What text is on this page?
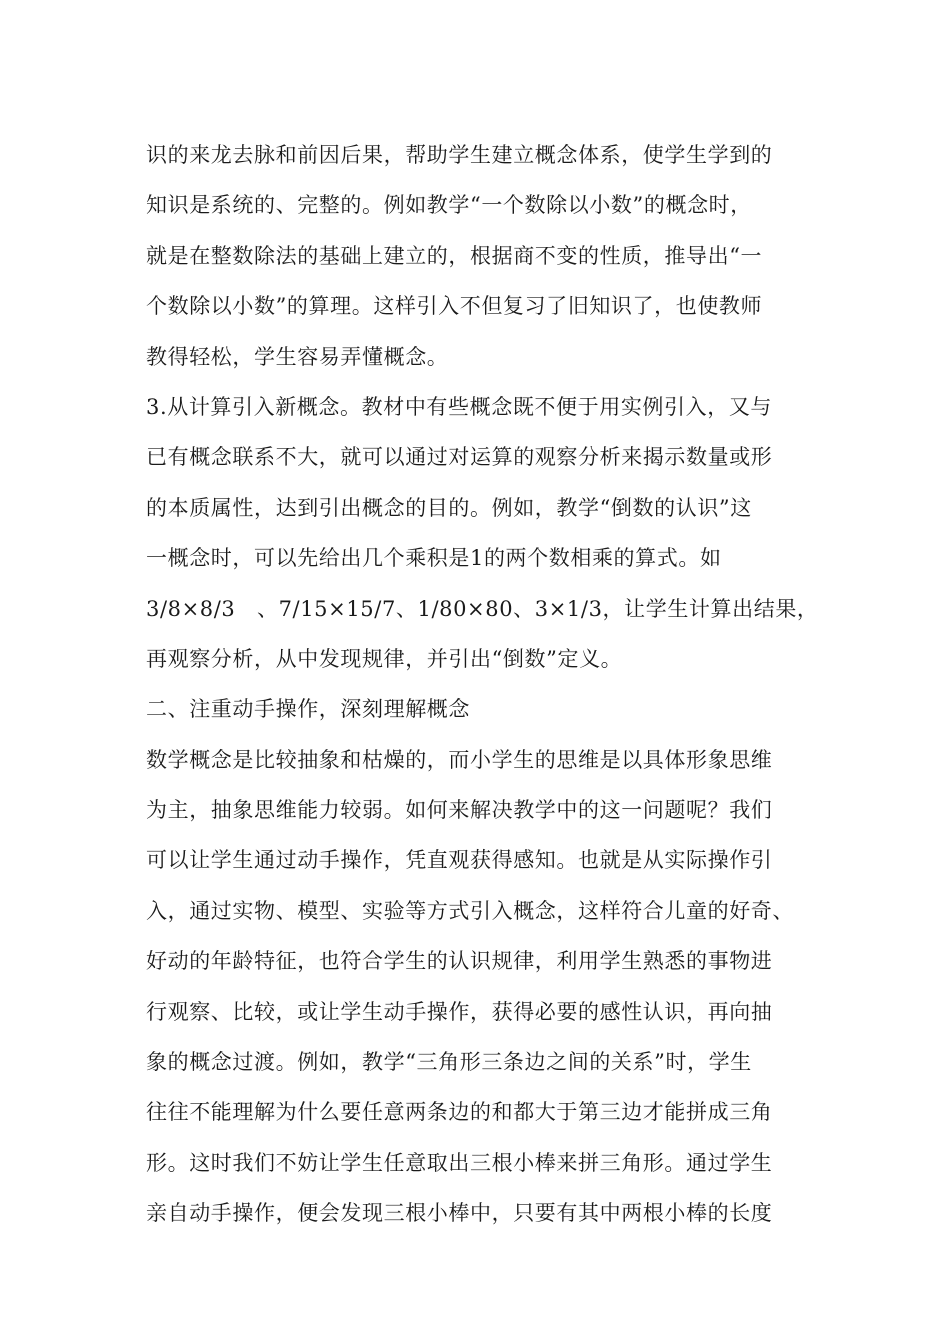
识的来龙去脉和前因后果，帮助学生建立概念体系，使学生学到的
知识是系统的、完整的。例如教学“一个数除以小数”的概念时，
就是在整数除法的基础上建立的，根据商不变的性质，推导出“一
个数除以小数”的算理。这样引入不但复习了旧知识了，也使教师
教得轻松，学生容易弄懂概念。
3.从计算引入新概念。教材中有些概念既不便于用实例引入，又与
已有概念联系不大，就可以通过对运算的观察分析来揭示数量或形
的本质属性，达到引出概念的目的。例如，教学“倒数的认识”这
一概念时，可以先给出几个乘积是1的两个数相乘的算式。如
3/8×8/3　、7/15×15/7、1/80×80、3×1/3，让学生计算出结果，
再观察分析，从中发现规律，并引出“倒数”定义。
二、注重动手操作，深刻理解概念
数学概念是比较抽象和枯燥的，而小学生的思维是以具体形象思维
为主，抽象思维能力较弱。如何来解决教学中的这一问题呢？我们
可以让学生通过动手操作，凭直观获得感知。也就是从实际操作引
入，通过实物、模型、实验等方式引入概念，这样符合儿童的好奇、
好动的年龄特征，也符合学生的认识规律，利用学生熟悉的事物进
行观察、比较，或让学生动手操作，获得必要的感性认识，再向抽
象的概念过渡。例如，教学“三角形三条边之间的关系”时，学生
往往不能理解为什么要任意两条边的和都大于第三边才能拼成三角
形。这时我们不妨让学生任意取出三根小棒来拼三角形。通过学生
亲自动手操作，便会发现三根小棒中，只要有其中两根小棒的长度
